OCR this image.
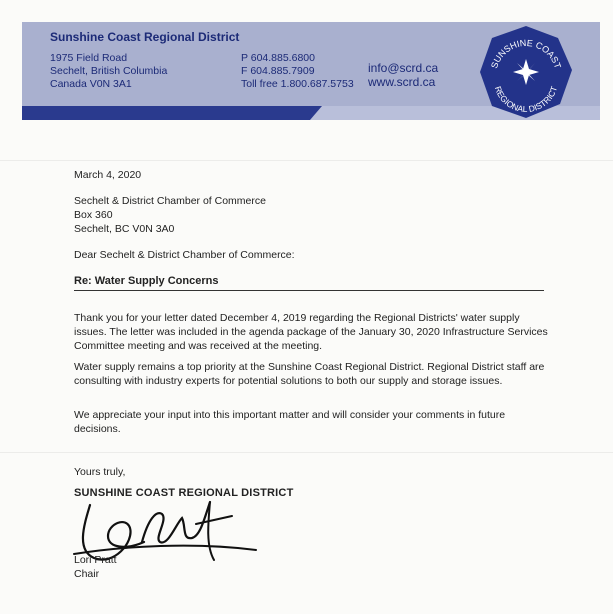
Sunshine Coast Regional District
1975 Field Road
Sechelt, British Columbia
Canada V0N 3A1
P 604.885.6800
F 604.885.7909
Toll free 1.800.687.5753
info@scrd.ca
www.scrd.ca
SUNSHINE COAST
REGIONAL DISTRICT
March 4, 2020
Sechelt & District Chamber of Commerce
Box 360
Sechelt, BC V0N 3A0
Dear Sechelt & District Chamber of Commerce:
Re: Water Supply Concerns
Thank you for your letter dated December 4, 2019 regarding the Regional Districts' water supply issues. The letter was included in the agenda package of the January 30, 2020 Infrastructure Services Committee meeting and was received at the meeting.
Water supply remains a top priority at the Sunshine Coast Regional District. Regional District staff are consulting with industry experts for potential solutions to both our supply and storage issues.
We appreciate your input into this important matter and will consider your comments in future decisions.
Yours truly,
SUNSHINE COAST REGIONAL DISTRICT
Lori Pratt
Chair
